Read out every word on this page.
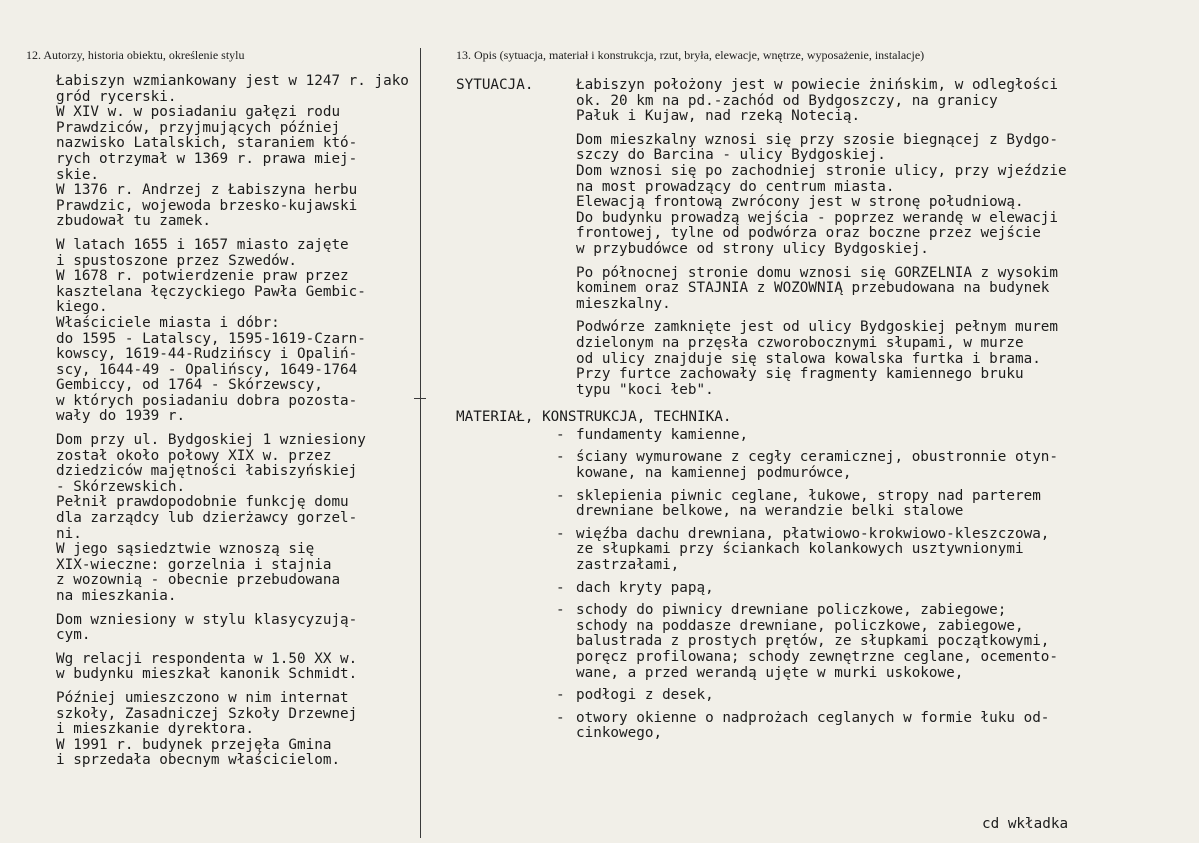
12. Autorzy, historia obiektu, określenie stylu	13. Opis (sytuacja, materiał i konstrukcja, rzut, bryła, elewacje, wnętrze, wyposażenie, instalacje)
Łabiszyn wzmiankowany jest w 1247 r. jako
gród rycerski.
W XIV w. w posiadaniu gałęzi rodu
Prawdziców, przyjmujących później
nazwisko Latalskich, staraniem któ-
rych otrzymał w 1369 r. prawa miej-
skie.
W 1376 r. Andrzej z Łabiszyna herbu
Prawdzic, wojewoda brzesko-kujawski
zbudował tu zamek.
W latach 1655 i 1657 miasto zajęte
i spustoszone przez Szwedów.
W 1678 r. potwierdzenie praw przez
kasztelana łęczyckiego Pawła Gembic-
kiego.
Właściciele miasta i dóbr:
do 1595 - Latalscy, 1595-1619-Czarn-
kowscy, 1619-44-Rudzińscy i Opaliń-
scy, 1644-49 - Opalińscy, 1649-1764
Gembiccy, od 1764 - Skórzewscy,
w których posiadaniu dobra pozosta-
wały do 1939 r.
Dom przy ul. Bydgoskiej 1 wzniesiony
został około połowy XIX w. przez
dziedziców majętności łabiszyńskiej
- Skórzewskich.
Pełnił prawdopodobnie funkcję domu
dla zarządcy lub dzierżawcy gorzel-
ni.
W jego sąsiedztwie wznoszą się
XIX-wieczne: gorzelnia i stajnia
z wozownią - obecnie przebudowana
na mieszkania.
Dom wzniesiony w stylu klasycyzują-
cym.
Wg relacji respondenta w 1.50 XX w.
w budynku mieszkał kanonik Schmidt.
Później umieszczono w nim internat
szkoły, Zasadniczej Szkoły Drzewnej
i mieszkanie dyrektora.
W 1991 r. budynek przejęła Gmina
i sprzedała obecnym właścicielom.
SYTUACJA.	Łabiszyn położony jest w powiecie żnińskim, w odległości
ok. 20 km na pd.-zachód od Bydgoszczy, na granicy
Pałuk i Kujaw, nad rzeką Notecią.
Dom mieszkalny wznosi się przy szosie biegnącej z Bydgo-
szczy do Barcina - ulicy Bydgoskiej.
Dom wznosi się po zachodniej stronie ulicy, przy wjeździe
na most prowadzący do centrum miasta.
Elewacją frontową zwrócony jest w stronę południową.
Do budynku prowadzą wejścia - poprzez werandę w elewacji
frontowej, tylne od podwórza oraz boczne przez wejście
w przybudówce od strony ulicy Bydgoskiej.
Po północnej stronie domu wznosi się GORZELNIA z wysokim
kominem oraz STAJNIA z WOZOWNIĄ przebudowana na budynek
mieszkalny.
Podwórze zamknięte jest od ulicy Bydgoskiej pełnym murem
dzielonym na przęsła czworobocznymi słupami, w murze
od ulicy znajduje się stalowa kowalska furtka i brama.
Przy furtce zachowały się fragmenty kamiennego bruku
typu "koci łeb".
MATERIAŁ, KONSTRUKCJA, TECHNIKA.
- fundamenty kamienne,
- ściany wymurowane z cegły ceramicznej, obustronnie otyn-
kowane, na kamiennej podmurówce,
- sklepienia piwnic ceglane, łukowe, stropy nad parterem
drewniane belkowe, na werandzie belki stalowe
- więźba dachu drewniana, płatwiowo-krokwiowo-kleszczowa,
ze słupkami przy ściankach kolankowych usztywnionymi
zastrzałami,
- dach kryty papą,
- schody do piwnicy drewniane policzkowe, zabiegowe;
schody na poddasze drewniane, policzkowe, zabiegowe,
balustrada z prostych prętów, ze słupkami początkowymi,
poręcz profilowana; schody zewnętrzne ceglane, ocemento-
wane, a przed werandą ujęte w murki uskokowe,
- podłogi z desek,
- otwory okienne o nadprożach ceglanych w formie łuku od-
cinkowego,
cd wkładka
